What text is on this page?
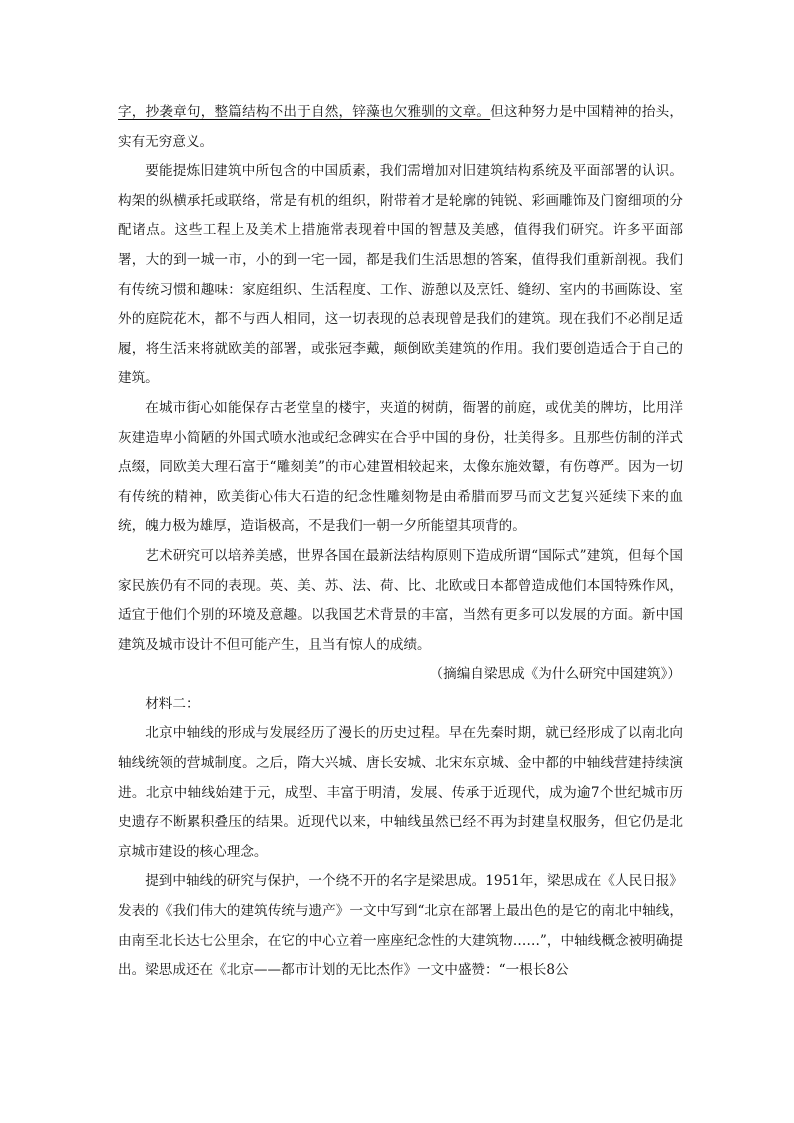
字，抄袭章句，整篇结构不出于自然，锌藻也欠雅驯的文章。但这种努力是中国精神的抬头，实有无穷意义。

要能提炼旧建筑中所包含的中国质素，我们需增加对旧建筑结构系统及平面部署的认识。构架的纵横承托或联络，常是有机的组织，附带着才是轮廓的钝锐、彩画雕饰及门窗细项的分配诸点。这些工程上及美术上措施常表现着中国的智慧及美感，值得我们研究。许多平面部署，大的到一城一市，小的到一宅一园，都是我们生活思想的答案，值得我们重新剖视。我们有传统习惯和趣味：家庭组织、生活程度、工作、游憩以及烹饪、缝纫、室内的书画陈设、室外的庭院花木，都不与西人相同，这一切表现的总表现曾是我们的建筑。现在我们不必削足适履，将生活来将就欧美的部署，或张冠李戴，颠倒欧美建筑的作用。我们要创造适合于自己的建筑。

在城市街心如能保存古老堂皇的楼宇，夹道的树荫，衙署的前庭，或优美的牌坊，比用洋灰建造卑小简陋的外国式喷水池或纪念碑实在合乎中国的身份，壮美得多。且那些仿制的洋式点缀，同欧美大理石富于“雕刻美”的市心建置相较起来，太像东施效颦，有伤尊严。因为一切有传统的精神，欧美街心伟大石造的纪念性雕刻物是由希腊而罗马而文艺复兴延续下来的血统，魄力极为雄厚，造诣极高，不是我们一朝一夕所能望其项背的。

艺术研究可以培养美感，世界各国在最新法结构原则下造成所谓“国际式”建筑，但每个国家民族仍有不同的表现。英、美、苏、法、荷、比、北欧或日本都曾造成他们本国特殊作风，适宜于他们个别的环境及意趣。以我国艺术背景的丰富，当然有更多可以发展的方面。新中国建筑及城市设计不但可能产生，且当有惊人的成绩。

（摘编自梁思成《为什么研究中国建筑》）

材料二：

北京中轴线的形成与发展经历了漫长的历史过程。早在先秦时期，就已经形成了以南北向轴线统领的营城制度。之后，隋大兴城、唐长安城、北宋东京城、金中都的中轴线营建持续演进。北京中轴线始建于元，成型、丰富于明清，发展、传承于近现代，成为逾7个世纪城市历史遗存不断累积叠压的结果。近现代以来，中轴线虽然已经不再为封建皇权服务，但它仍是北京城市建设的核心理念。

提到中轴线的研究与保护，一个绕不开的名字是梁思成。1951年，梁思成在《人民日报》发表的《我们伟大的建筑传统与遗产》一文中写到“北京在部署上最出色的是它的南北中轴线，由南至北长达七公里余，在它的中心立着一座座纪念性的大建筑物……”，中轴线概念被明确提出。梁思成还在《北京——都市计划的无比杰作》一文中盛赞：“一根长8公
